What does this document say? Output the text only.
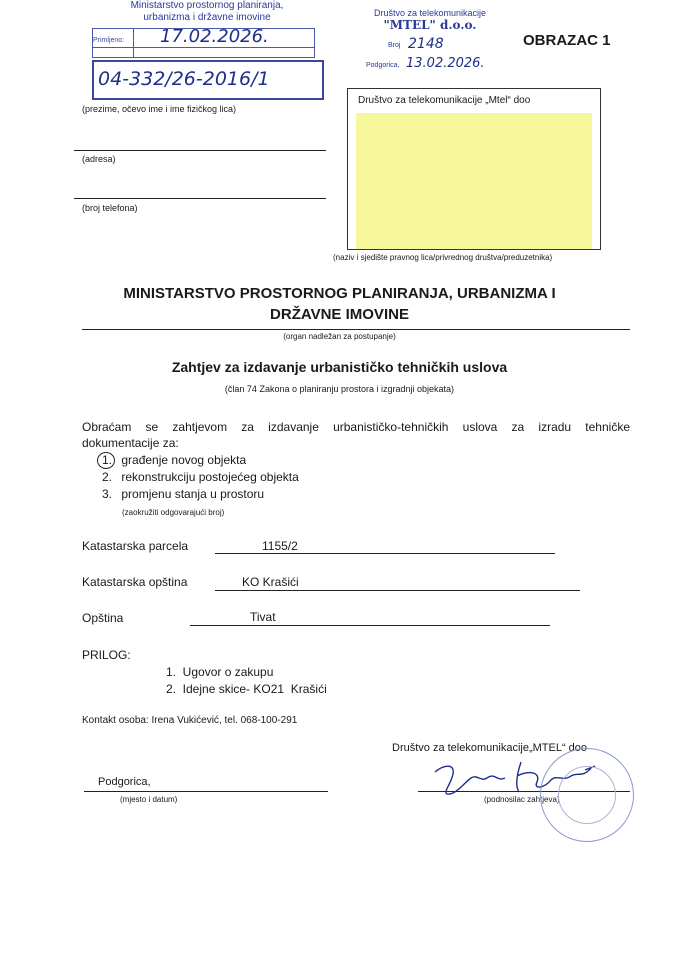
OBRAZAC 1
Ministarstvo prostornog planiranja,
urbanizma i državne imovine
Primljeno:	
	17.02.2026.
04-332/26-2016/1
Društvo za telekomunikacije
"MTEL" d.o.o.
Broj 2148
Podgorica, 13.02.2026.
(prezime, očevo ime i ime fizičkog lica)
(adresa)
(broj telefona)
Društvo za telekomunikacije „Mtel“ doo
(naziv i sjedište pravnog lica/privrednog društva/preduzetnika)
MINISTARSTVO PROSTORNOG PLANIRANJA, URBANIZMA I
DRŽAVNE IMOVINE
(organ nadležan za postupanje)
Zahtjev za izdavanje urbanističko tehničkih uslova
(član 74 Zakona o planiranju prostora i izgradnji objekata)
Obraćam se zahtjevom za izdavanje urbanističko-tehničkih uslova za izradu tehničke
dokumentacije za:
1. građenje novog objekta
2. rekonstrukciju postojećeg objekta
3. promjenu stanja u prostoru
(zaokružiti odgovarajući broj)
Katastarska parcela	1155/2
Katastarska opština	KO Krašići
Opština	Tivat
PRILOG:
1.  Ugovor o zakupu
2.  Idejne skice- KO21  Krašići
Kontakt osoba: Irena Vukićević, tel. 068-100-291
Društvo za telekomunikacije„MTEL“ doo
Podgorica,
(mjesto i datum)	(podnosilac zahtjeva)
